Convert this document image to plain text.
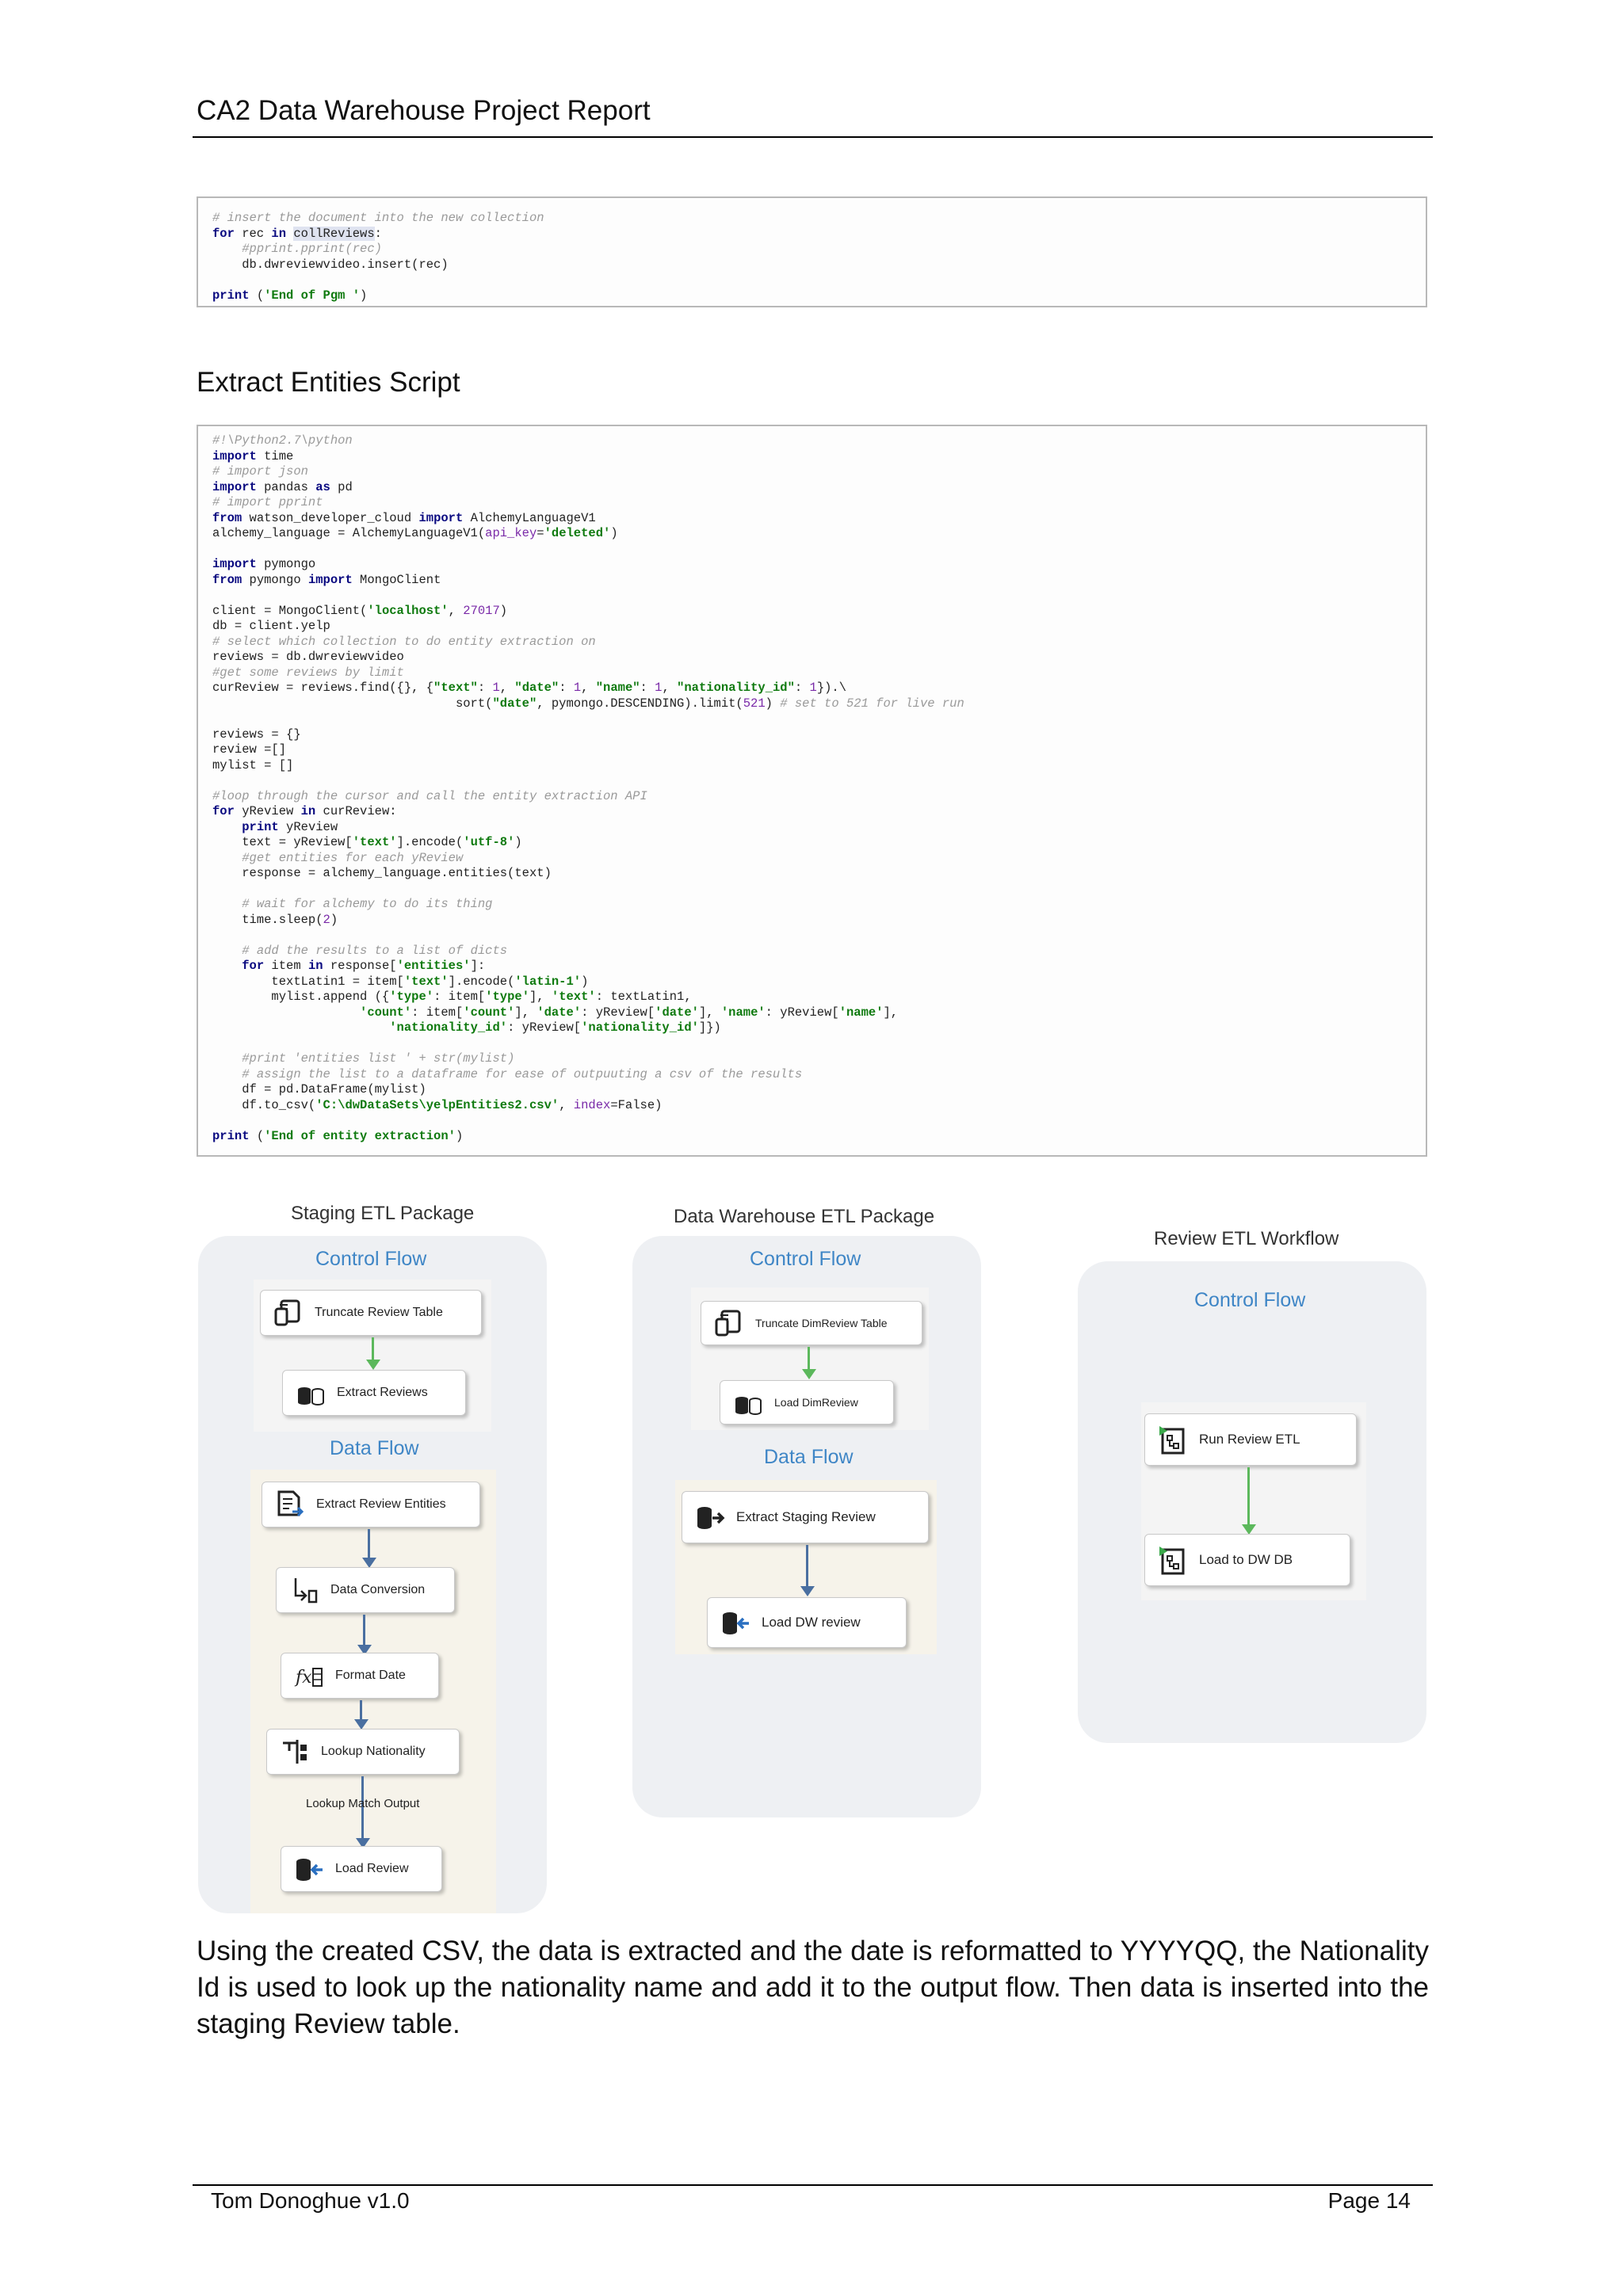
CA2 Data Warehouse Project Report
# insert the document into the new collection
for rec in collReviews:
#pprint.pprint(rec)
db.dwreviewvideo.insert(rec)
print ('End of Pgm ')
Extract Entities Script
#!\Python2.7\python
import time
# import json
import pandas as pd
# import pprint
from watson_developer_cloud import AlchemyLanguageV1
alchemy_language = AlchemyLanguageV1(api_key='deleted')
import pymongo
from pymongo import MongoClient
client = MongoClient('localhost', 27017)
db = client.yelp
# select which collection to do entity extraction on
reviews = db.dwreviewvideo
#get some reviews by limit
curReview = reviews.find({}, {"text": 1, "date": 1, "name": 1, "nationality_id": 1}).\
sort("date", pymongo.DESCENDING).limit(521) # set to 521 for live run
reviews = {}
review =[]
mylist = []
#loop through the cursor and call the entity extraction API
for yReview in curReview:
print yReview
text = yReview['text'].encode('utf-8')
#get entities for each yReview
response = alchemy_language.entities(text)
# wait for alchemy to do its thing
time.sleep(2)
# add the results to a list of dicts
for item in response['entities']:
textLatin1 = item['text'].encode('latin-1')
mylist.append ({'type': item['type'], 'text': textLatin1,
'count': item['count'], 'date': yReview['date'], 'name': yReview['name'],
'nationality_id': yReview['nationality_id']})
#print 'entities list ' + str(mylist)
# assign the list to a dataframe for ease of outpuuting a csv of the results
df = pd.DataFrame(mylist)
df.to_csv('C:\dwDataSets\yelpEntities2.csv', index=False)
print ('End of entity extraction')
Staging ETL Package
Control Flow
Truncate Review Table
Extract Reviews
Data Flow
Extract Review Entities
Data Conversion
fx Format Date
Lookup Nationality
Lookup Match Output
Load Review
Data Warehouse ETL Package
Control Flow
Truncate DimReview Table
Load DimReview
Data Flow
Extract Staging Review
Load DW review
Review ETL Workflow
Control Flow
Run Review ETL
Load to DW DB
Using the created CSV, the data is extracted and the date is reformatted to YYYYQQ, the Nationality Id is used to look up the nationality name and add it to the output flow. Then data is inserted into the staging Review table.
Tom Donoghue v1.0	Page 14
